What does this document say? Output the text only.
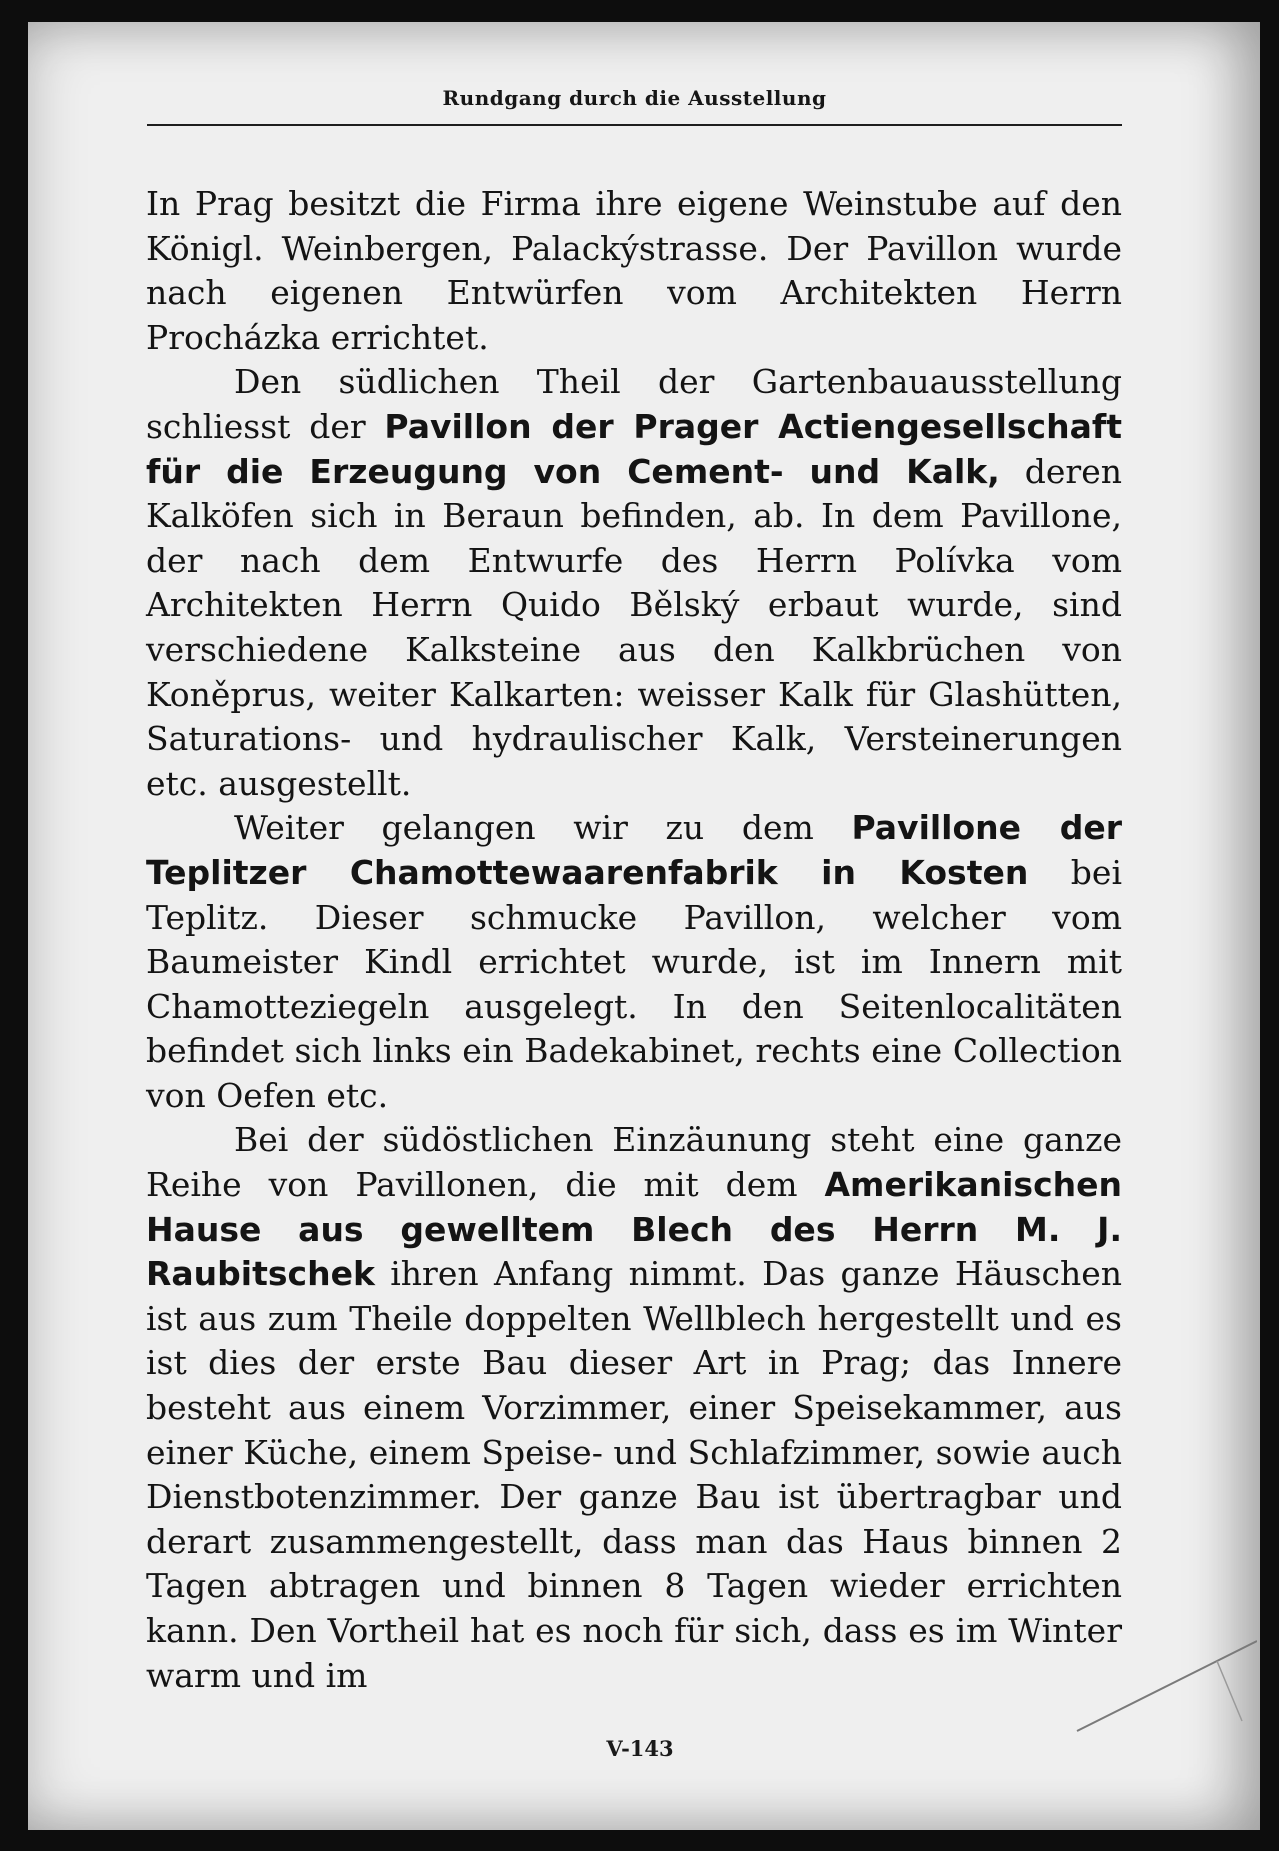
Rundgang durch die Ausstellung

In Prag besitzt die Firma ihre eigene Weinstube auf den Königl. Weinbergen, Palackýstrasse. Der Pavillon wurde nach eigenen Entwürfen vom Architekten Herrn Procházka errichtet.

Den südlichen Theil der Gartenbauausstellung schliesst der Pavillon der Prager Actiengesellschaft für die Erzeugung von Cement- und Kalk, deren Kalköfen sich in Beraun befinden, ab. In dem Pavillone, der nach dem Entwurfe des Herrn Polívka vom Architekten Herrn Quido Bělský erbaut wurde, sind verschiedene Kalksteine aus den Kalkbrüchen von Koněprus, weiter Kalkarten: weisser Kalk für Glashütten, Saturations- und hydraulischer Kalk, Versteinerungen etc. ausgestellt.

Weiter gelangen wir zu dem Pavillone der Teplitzer Chamottewaarenfabrik in Kosten bei Teplitz. Dieser schmucke Pavillon, welcher vom Baumeister Kindl errichtet wurde, ist im Innern mit Chamotteziegeln ausgelegt. In den Seitenlocalitäten befindet sich links ein Badekabinet, rechts eine Collection von Oefen etc.

Bei der südöstlichen Einzäunung steht eine ganze Reihe von Pavillonen, die mit dem Amerikanischen Hause aus gewelltem Blech des Herrn M. J. Raubitschek ihren Anfang nimmt. Das ganze Häuschen ist aus zum Theile doppelten Wellblech hergestellt und es ist dies der erste Bau dieser Art in Prag; das Innere besteht aus einem Vorzimmer, einer Speisekammer, aus einer Küche, einem Speise- und Schlafzimmer, sowie auch Dienstbotenzimmer. Der ganze Bau ist übertragbar und derart zusammengestellt, dass man das Haus binnen 2 Tagen abtragen und binnen 8 Tagen wieder errichten kann. Den Vortheil hat es noch für sich, dass es im Winter warm und im

V-143
